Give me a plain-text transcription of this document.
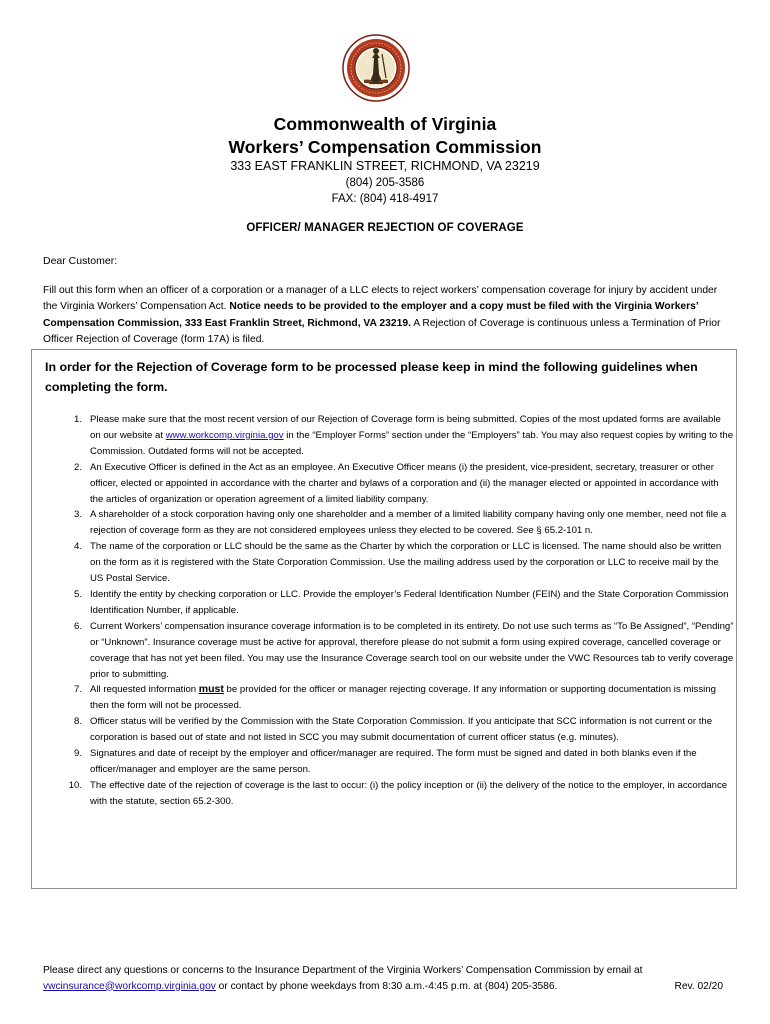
Commonwealth of Virginia
Workers’ Compensation Commission
333 EAST FRANKLIN STREET, RICHMOND, VA 23219
(804) 205-3586
FAX: (804) 418-4917
OFFICER/ MANAGER REJECTION OF COVERAGE
Dear Customer:
Fill out this form when an officer of a corporation or a manager of a LLC elects to reject workers’ compensation coverage for injury by accident under the Virginia Workers’ Compensation Act. Notice needs to be provided to the employer and a copy must be filed with the Virginia Workers’ Compensation Commission, 333 East Franklin Street, Richmond, VA 23219. A Rejection of Coverage is continuous unless a Termination of Prior Officer Rejection of Coverage (form 17A) is filed.
In order for the Rejection of Coverage form to be processed please keep in mind the following guidelines when completing the form.
1. Please make sure that the most recent version of our Rejection of Coverage form is being submitted. Copies of the most updated forms are available on our website at www.workcomp.virginia.gov in the “Employer Forms” section under the “Employers” tab. You may also request copies by writing to the Commission. Outdated forms will not be accepted.
2. An Executive Officer is defined in the Act as an employee. An Executive Officer means (i) the president, vice-president, secretary, treasurer or other officer, elected or appointed in accordance with the charter and bylaws of a corporation and (ii) the manager elected or appointed in accordance with the articles of organization or operation agreement of a limited liability company.
3. A shareholder of a stock corporation having only one shareholder and a member of a limited liability company having only one member, need not file a rejection of coverage form as they are not considered employees unless they elected to be covered. See § 65.2-101 n.
4. The name of the corporation or LLC should be the same as the Charter by which the corporation or LLC is licensed. The name should also be written on the form as it is registered with the State Corporation Commission. Use the mailing address used by the corporation or LLC to receive mail by the US Postal Service.
5. Identify the entity by checking corporation or LLC. Provide the employer’s Federal Identification Number (FEIN) and the State Corporation Commission Identification Number, if applicable.
6. Current Workers’ compensation insurance coverage information is to be completed in its entirety. Do not use such terms as “To Be Assigned”, “Pending” or “Unknown”. Insurance coverage must be active for approval, therefore please do not submit a form using expired coverage, cancelled coverage or coverage that has not yet been filed. You may use the Insurance Coverage search tool on our website under the VWC Resources tab to verify coverage prior to submitting.
7. All requested information must be provided for the officer or manager rejecting coverage. If any information or supporting documentation is missing then the form will not be processed.
8. Officer status will be verified by the Commission with the State Corporation Commission. If you anticipate that SCC information is not current or the corporation is based out of state and not listed in SCC you may submit documentation of current officer status (e.g. minutes).
9. Signatures and date of receipt by the employer and officer/manager are required. The form must be signed and dated in both blanks even if the officer/manager and employer are the same person.
10. The effective date of the rejection of coverage is the last to occur: (i) the policy inception or (ii) the delivery of the notice to the employer, in accordance with the statute, section 65.2-300.
Please direct any questions or concerns to the Insurance Department of the Virginia Workers’ Compensation Commission by email at
vwcinsurance@workcomp.virginia.gov or contact by phone weekdays from 8:30 a.m.-4:45 p.m. at (804) 205-3586.	Rev. 02/20
